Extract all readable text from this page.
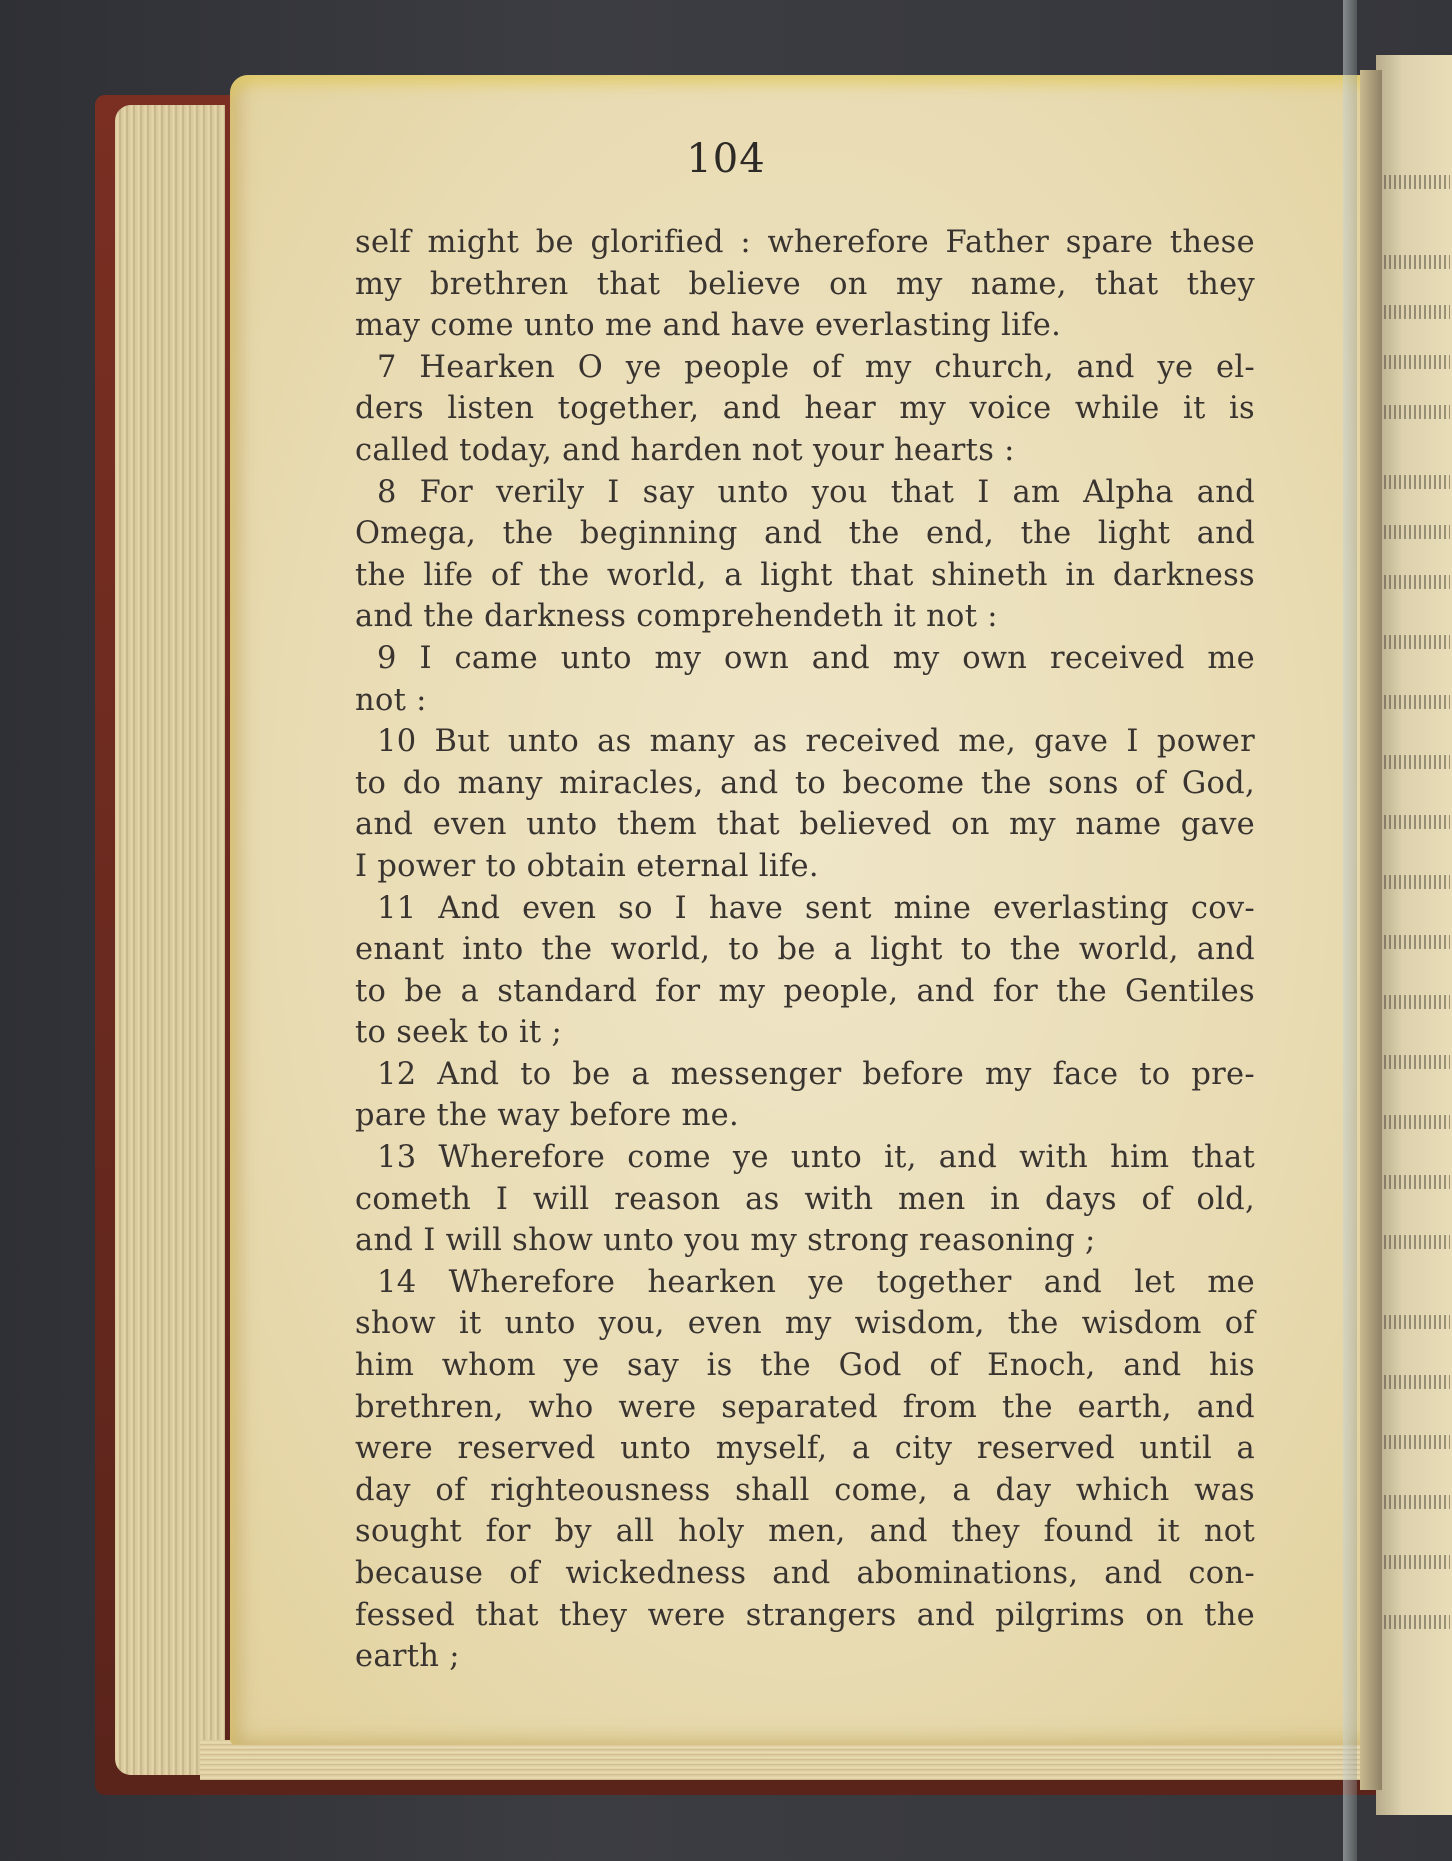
104
self might be glorified : wherefore Father spare these
my brethren that believe on my name, that they
may come unto me and have everlasting life.
7 Hearken O ye people of my church, and ye el-
ders listen together, and hear my voice while it is
called today, and harden not your hearts :
8 For verily I say unto you that I am Alpha and
Omega, the beginning and the end, the light and
the life of the world, a light that shineth in darkness
and the darkness comprehendeth it not :
9 I came unto my own and my own received me
not :
10 But unto as many as received me, gave I power
to do many miracles, and to become the sons of God,
and even unto them that believed on my name gave
I power to obtain eternal life.
11 And even so I have sent mine everlasting cov-
enant into the world, to be a light to the world, and
to be a standard for my people, and for the Gentiles
to seek to it ;
12 And to be a messenger before my face to pre-
pare the way before me.
13 Wherefore come ye unto it, and with him that
cometh I will reason as with men in days of old,
and I will show unto you my strong reasoning ;
14 Wherefore hearken ye together and let me
show it unto you, even my wisdom, the wisdom of
him whom ye say is the God of Enoch, and his
brethren, who were separated from the earth, and
were reserved unto myself, a city reserved until a
day of righteousness shall come, a day which was
sought for by all holy men, and they found it not
because of wickedness and abominations, and con-
fessed that they were strangers and pilgrims on the
earth ;
